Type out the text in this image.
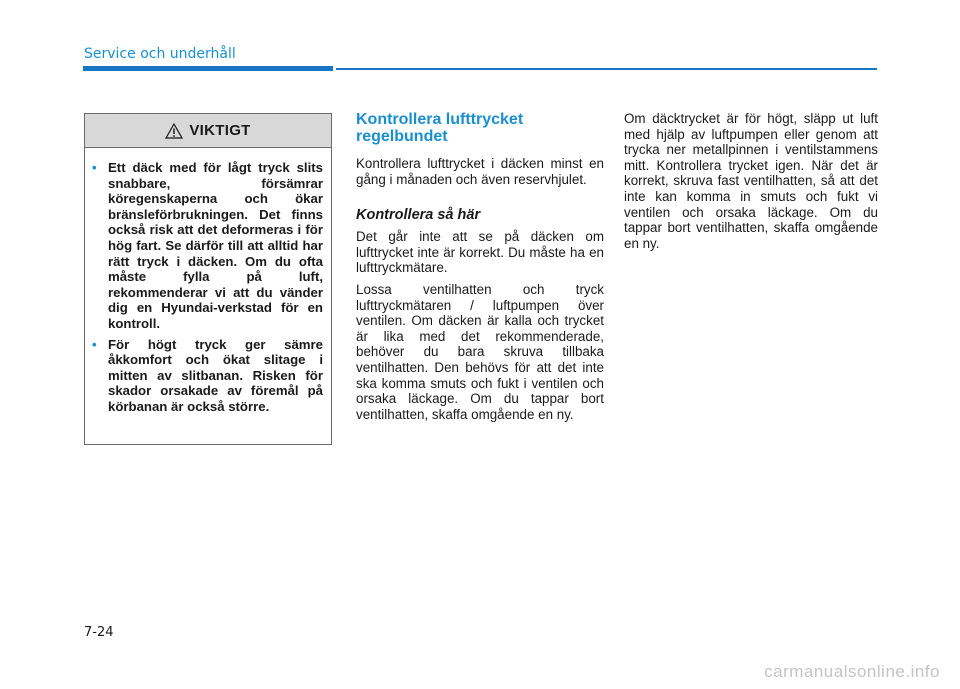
Service och underhåll
VIKTIGT
• Ett däck med för lågt tryck slits snabbare, försämrar köregenskaperna och ökar bränsleförbrukningen. Det finns också risk att det deformeras i för hög fart. Se därför till att alltid har rätt tryck i däcken. Om du ofta måste fylla på luft, rekommenderar vi att du vänder dig en Hyundai-verkstad för en kontroll.
• För högt tryck ger sämre åkkomfort och ökat slitage i mitten av slitbanan. Risken för skador orsakade av föremål på körbanan är också större.
Kontrollera lufttrycket regelbundet

Kontrollera lufttrycket i däcken minst en gång i månaden och även reservhjulet.

Kontrollera så här

Det går inte att se på däcken om lufttrycket inte är korrekt. Du måste ha en lufttryckmätare.

Lossa ventilhatten och tryck lufttryckmätaren / luftpumpen över ventilen. Om däcken är kalla och trycket är lika med det rekommenderade, behöver du bara skruva tillbaka ventilhatten. Den behövs för att det inte ska komma smuts och fukt i ventilen och orsaka läckage. Om du tappar bort ventilhatten, skaffa omgående en ny.

Om däcktrycket är för högt, släpp ut luft med hjälp av luftpumpen eller genom att trycka ner metallpinnen i ventilstammens mitt. Kontrollera trycket igen. När det är korrekt, skruva fast ventilhatten, så att det inte kan komma in smuts och fukt vi ventilen och orsaka läckage. Om du tappar bort ventilhatten, skaffa omgående en ny.

7-24
carmanualsonline.info
